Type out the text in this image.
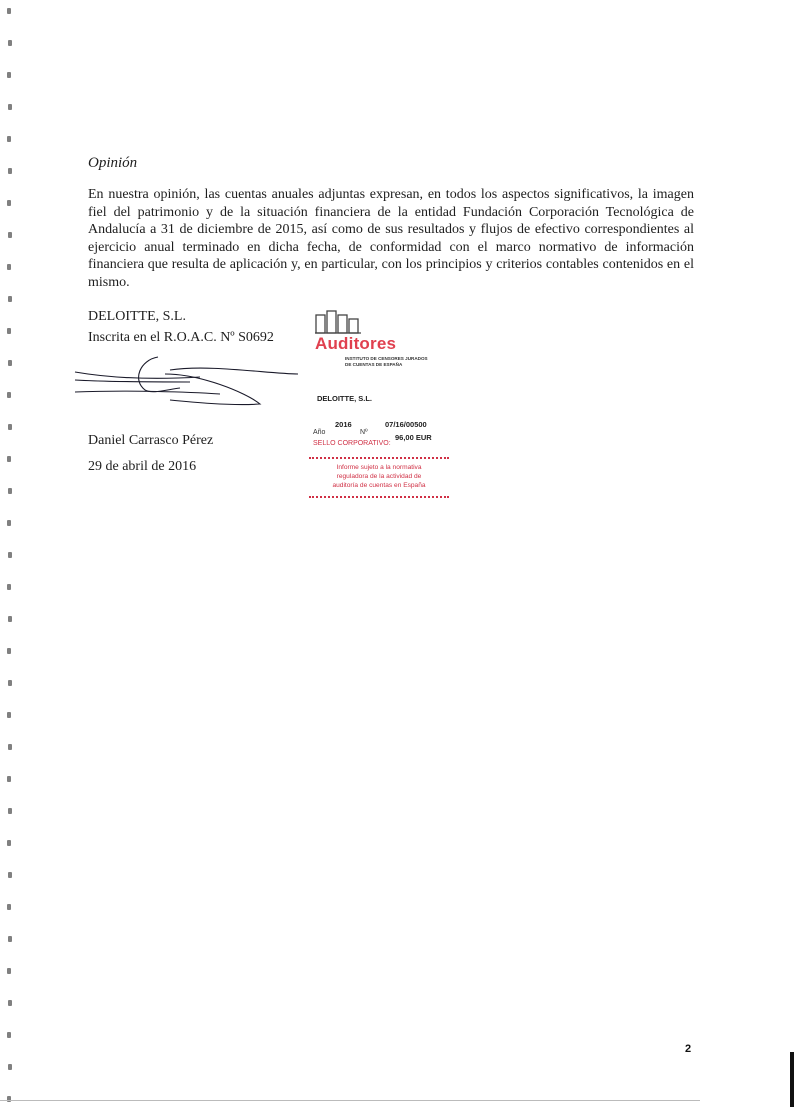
Opinión

En nuestra opinión, las cuentas anuales adjuntas expresan, en todos los aspectos significativos, la imagen fiel del patrimonio y de la situación financiera de la entidad Fundación Corporación Tecnológica de Andalucía a 31 de diciembre de 2015, así como de sus resultados y flujos de efectivo correspondientes al ejercicio anual terminado en dicha fecha, de conformidad con el marco normativo de información financiera que resulta de aplicación y, en particular, con los principios y criterios contables contenidos en el mismo.

DELOITTE, S.L.
Inscrita en el R.O.A.C. Nº S0692
Daniel Carrasco Pérez
29 de abril de 2016
Auditores
INSTITUTO DE CENSORES JURADOS
DE CUENTAS DE ESPAÑA
DELOITTE, S.L.
2016	07/16/00500
Año	Nº
96,00 EUR
SELLO CORPORATIVO:
Informe sujeto a la normativa
reguladora de la actividad de
auditoría de cuentas en España
2
